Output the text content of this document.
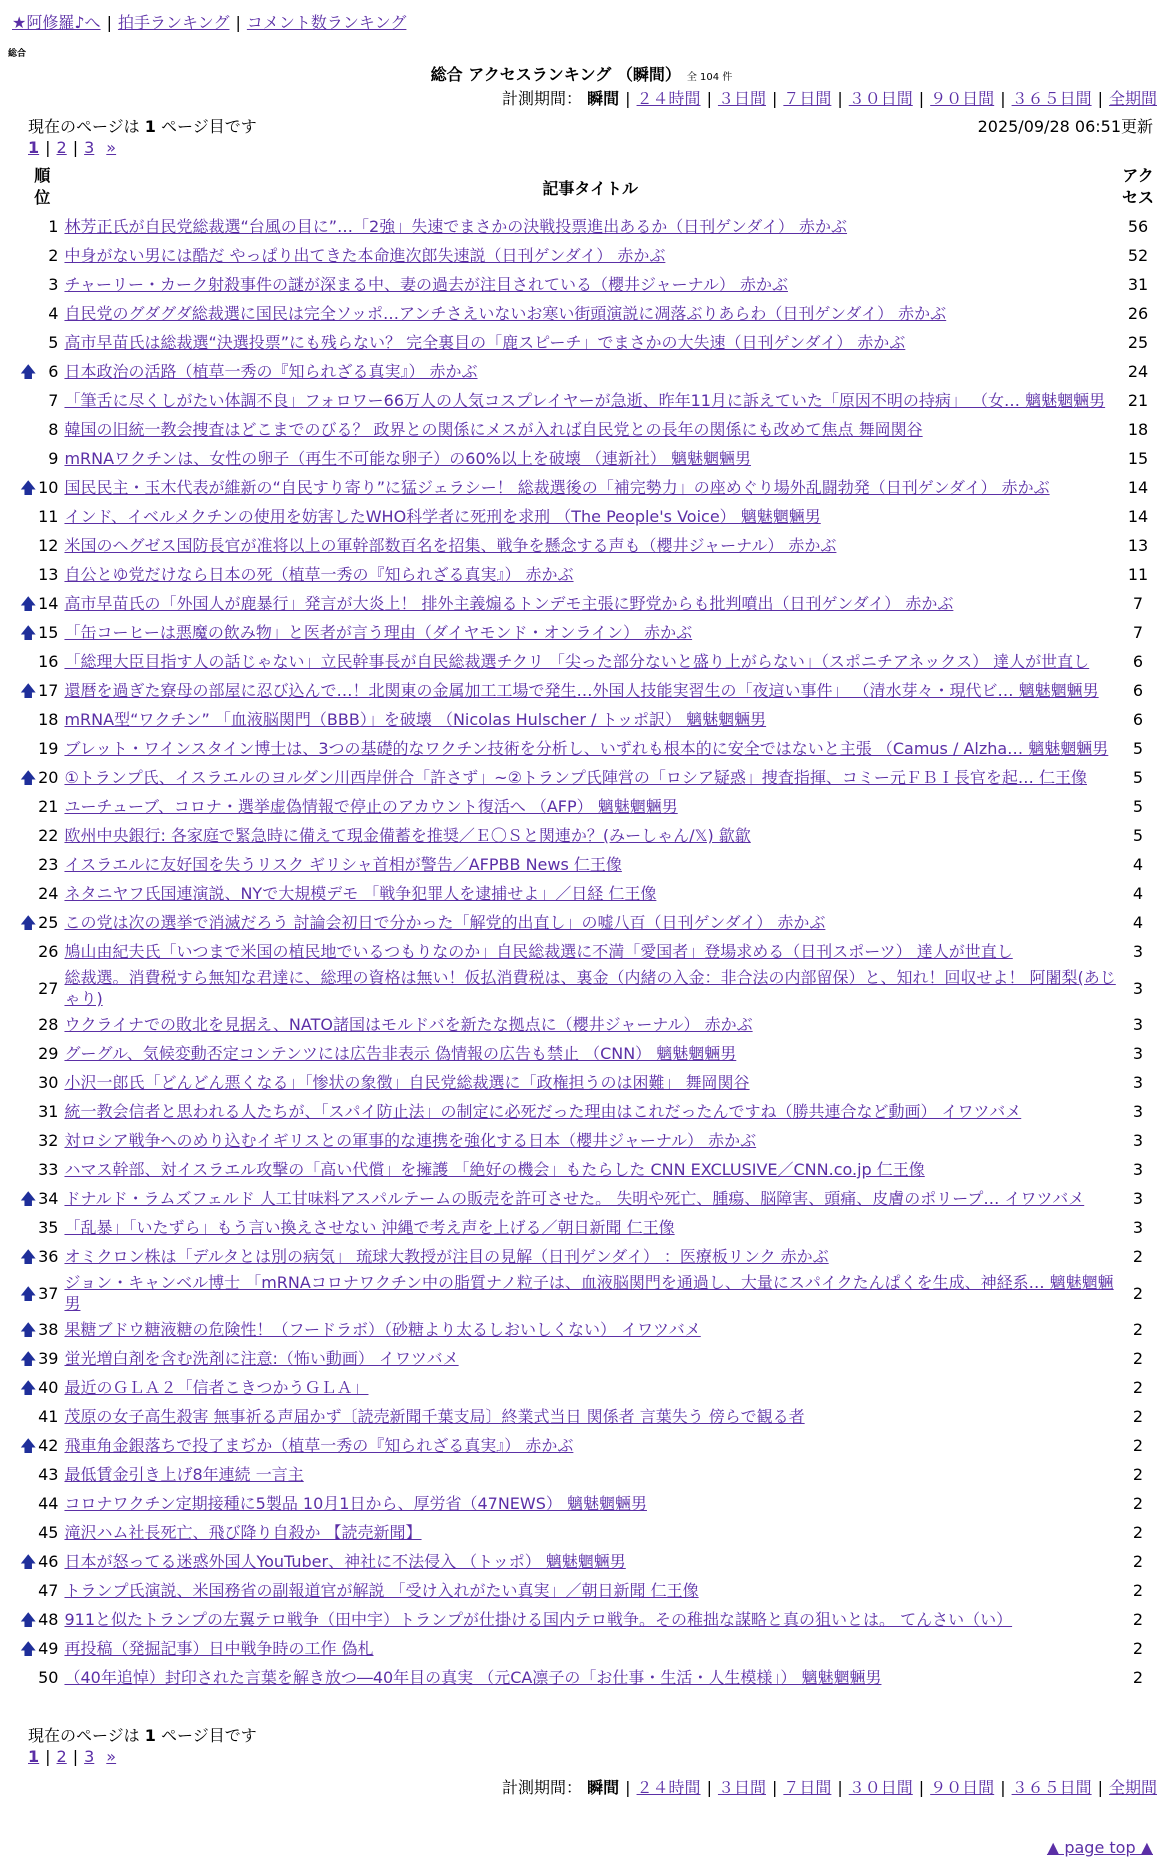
★阿修羅♪へ | 拍手ランキング | コメント数ランキング
総合
総合 アクセスランキング （瞬間） 全 104 件
計測期間： 瞬間 | ２４時間 | ３日間 | ７日間 | ３０日間 | ９０日間 | ３６５日間 | 全期間
現在のページは 1 ページ目です	2025/09/28 06:51更新
1 | 2 | 3 »
順位		記事タイトル	アクセス
	1	林芳正氏が自民党総裁選“台風の目に”…「2強」失速でまさかの決戦投票進出あるか（日刊ゲンダイ） 赤かぶ	56
	2	中身がない男には酷だ やっぱり出てきた本命進次郎失速説（日刊ゲンダイ） 赤かぶ	52
	3	チャーリー・カーク射殺事件の謎が深まる中、妻の過去が注目されている（櫻井ジャーナル） 赤かぶ	31
	4	自民党のグダグダ総裁選に国民は完全ソッポ…アンチさえいないお寒い街頭演説に凋落ぶりあらわ（日刊ゲンダイ） 赤かぶ	26
	5	高市早苗氏は総裁選“決選投票”にも残らない？ 完全裏目の「鹿スピーチ」でまさかの大失速（日刊ゲンダイ） 赤かぶ	25
🡅	6	日本政治の活路（植草一秀の『知られざる真実』） 赤かぶ	24
	7	「筆舌に尽くしがたい体調不良」フォロワー66万人の人気コスプレイヤーが急逝、昨年11月に訴えていた「原因不明の持病」 （女… 魑魅魍魎男	21
	8	韓国の旧統一教会捜査はどこまでのびる？ 政界との関係にメスが入れば自民党との長年の関係にも改めて焦点 舞岡関谷	18
	9	mRNAワクチンは、女性の卵子（再生不可能な卵子）の60%以上を破壊 （連新社） 魑魅魍魎男	15
🡅	10	国民民主・玉木代表が維新の“自民すり寄り”に猛ジェラシー！ 総裁選後の「補完勢力」の座めぐり場外乱闘勃発（日刊ゲンダイ） 赤かぶ	14
	11	インド、イベルメクチンの使用を妨害したWHO科学者に死刑を求刑 （The People's Voice） 魑魅魍魎男	14
	12	米国のヘグゼス国防長官が准将以上の軍幹部数百名を招集、戦争を懸念する声も（櫻井ジャーナル） 赤かぶ	13
	13	自公とゆ党だけなら日本の死（植草一秀の『知られざる真実』） 赤かぶ	11
🡅	14	高市早苗氏の「外国人が鹿暴行」発言が大炎上！ 排外主義煽るトンデモ主張に野党からも批判噴出（日刊ゲンダイ） 赤かぶ	7
🡅	15	「缶コーヒーは悪魔の飲み物」と医者が言う理由（ダイヤモンド・オンライン） 赤かぶ	7
	16	「総理大臣目指す人の話じゃない」立民幹事長が自民総裁選チクリ 「尖った部分ないと盛り上がらない」（スポニチアネックス） 達人が世直し	6
🡅	17	還暦を過ぎた寮母の部屋に忍び込んで…！北関東の金属加工工場で発生…外国人技能実習生の「夜這い事件」 （清水芽々・現代ビ… 魑魅魍魎男	6
	18	mRNA型“ワクチン” 「血液脳関門（BBB）」を破壊 （Nicolas Hulscher / トッポ訳） 魑魅魍魎男	6
	19	ブレット・ワインスタイン博士は、3つの基礎的なワクチン技術を分析し、いずれも根本的に安全ではないと主張 （Camus / Alzha… 魑魅魍魎男	5
🡅	20	①トランプ氏、イスラエルのヨルダン川西岸併合「許さず」~②トランプ氏陣営の「ロシア疑惑」捜査指揮、コミー元ＦＢＩ長官を起… 仁王像	5
	21	ユーチューブ、コロナ・選挙虚偽情報で停止のアカウント復活へ （AFP） 魑魅魍魎男	5
	22	欧州中央銀行: 各家庭で緊急時に備えて現金備蓄を推奨／Ｅ〇Ｓと関連か？(みーしゃん/𝕏) 歙歙	5
	23	イスラエルに友好国を失うリスク ギリシャ首相が警告／AFPBB News 仁王像	4
	24	ネタニヤフ氏国連演説、NYで大規模デモ 「戦争犯罪人を逮捕せよ」／日経 仁王像	4
🡅	25	この党は次の選挙で消滅だろう 討論会初日で分かった「解党的出直し」の嘘八百（日刊ゲンダイ） 赤かぶ	4
	26	鳩山由紀夫氏「いつまで米国の植民地でいるつもりなのか」自民総裁選に不満「愛国者」登場求める（日刊スポーツ） 達人が世直し	3
	27	総裁選。消費税すら無知な君達に、総理の資格は無い！仮払消費税は、裏金（内緒の入金：非合法の内部留保）と、知れ！回収せよ！ 阿闍梨(あじゃり)	3
	28	ウクライナでの敗北を見据え、NATO諸国はモルドバを新たな拠点に（櫻井ジャーナル） 赤かぶ	3
	29	グーグル、気候変動否定コンテンツには広告非表示 偽情報の広告も禁止 （CNN） 魑魅魍魎男	3
	30	小沢一郎氏「どんどん悪くなる」「惨状の象徴」自民党総裁選に「政権担うのは困難」 舞岡関谷	3
	31	統一教会信者と思われる人たちが、「スパイ防止法」の制定に必死だった理由はこれだったんですね（勝共連合など動画） イワツバメ	3
	32	対ロシア戦争へのめり込むイギリスとの軍事的な連携を強化する日本（櫻井ジャーナル） 赤かぶ	3
	33	ハマス幹部、対イスラエル攻撃の「高い代償」を擁護 「絶好の機会」もたらした CNN EXCLUSIVE／CNN.co.jp 仁王像	3
🡅	34	ドナルド・ラムズフェルド 人工甘味料アスパルテームの販売を許可させた。 失明や死亡、腫瘍、脳障害、頭痛、皮膚のポリープ… イワツバメ	3
	35	「乱暴」「いたずら」もう言い換えさせない 沖縄で考え声を上げる／朝日新聞 仁王像	3
🡅	36	オミクロン株は「デルタとは別の病気」 琉球大教授が注目の見解（日刊ゲンダイ） ：医療板リンク 赤かぶ	2
🡅	37	ジョン・キャンベル博士 「mRNAコロナワクチン中の脂質ナノ粒子は、血液脳関門を通過し、大量にスパイクたんぱくを生成、神経系… 魑魅魍魎男	2
🡅	38	果糖ブドウ糖液糖の危険性！（フードラボ）（砂糖より太るしおいしくない） イワツバメ	2
🡅	39	蛍光増白剤を含む洗剤に注意:（怖い動画） イワツバメ	2
🡅	40	最近のＧＬＡ２「信者こきつかうＧＬＡ」	2
	41	茂原の女子高生殺害 無事祈る声届かず〔読売新聞千葉支局〕終業式当日 関係者 言葉失う 傍らで観る者	2
🡅	42	飛車角金銀落ちで投了まぢか（植草一秀の『知られざる真実』） 赤かぶ	2
	43	最低賃金引き上げ8年連続 一言主	2
	44	コロナワクチン定期接種に5製品 10月1日から、厚労省（47NEWS） 魑魅魍魎男	2
	45	滝沢ハム社長死亡、飛び降り自殺か 【読売新聞】	2
🡅	46	日本が怒ってる迷惑外国人YouTuber、神社に不法侵入 （トッポ） 魑魅魍魎男	2
	47	トランプ氏演説、米国務省の副報道官が解説 「受け入れがたい真実」／朝日新聞 仁王像	2
🡅	48	911と似たトランプの左翼テロ戦争（田中宇）トランプが仕掛ける国内テロ戦争。その稚拙な謀略と真の狙いとは。 てんさい（い）	2
🡅	49	再投稿（発掘記事）日中戦争時の工作 偽札	2
	50	（40年追悼）封印された言葉を解き放つ―40年目の真実 （元CA凛子の「お仕事・生活・人生模様」） 魑魅魍魎男	2
現在のページは 1 ページ目です
1 | 2 | 3 »
計測期間： 瞬間 | ２４時間 | ３日間 | ７日間 | ３０日間 | ９０日間 | ３６５日間 | 全期間
▲ page top ▲
